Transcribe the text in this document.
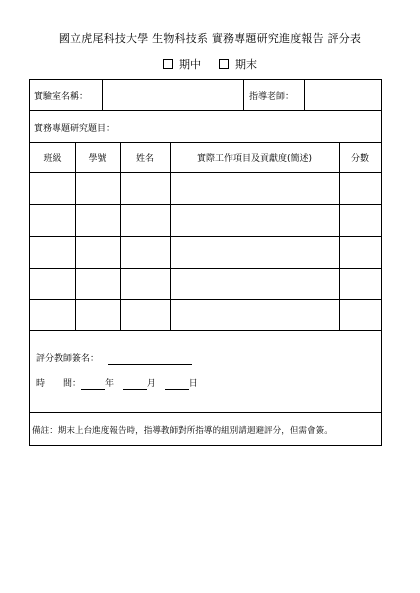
國立虎尾科技大學 生物科技系 實務專題研究進度報告 評分表
期中	期末
實驗室名稱：	指導老師：
實務專題研究題目：
班級	學號	姓名	實際工作項目及貢獻度(簡述)	分數
評分教師簽名：
時　　間：	年	月	日
備註：期末上台進度報告時，指導教師對所指導的組別請迴避評分，但需會簽。
